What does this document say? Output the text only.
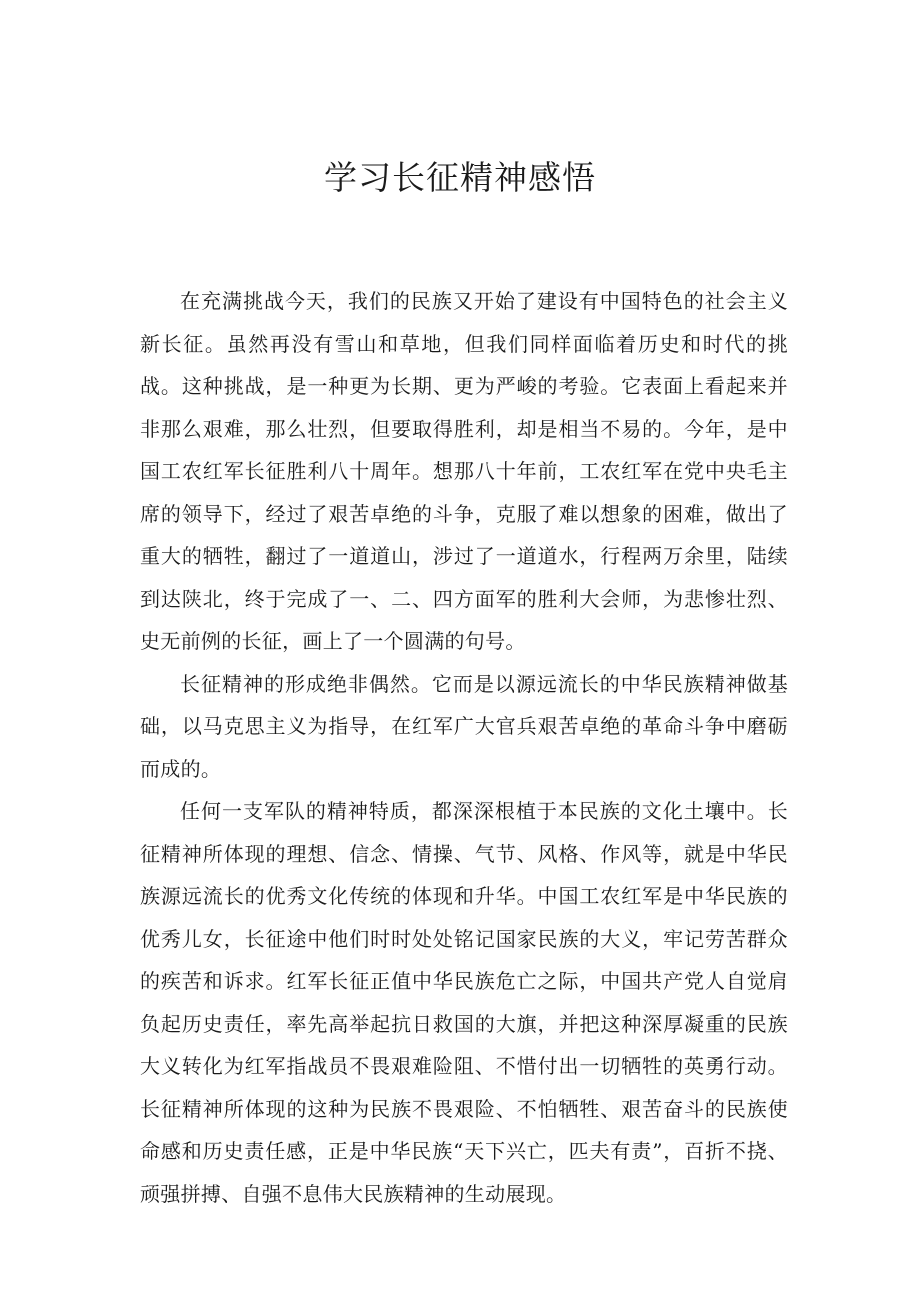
学习长征精神感悟

在充满挑战今天，我们的民族又开始了建设有中国特色的社会主义新长征。虽然再没有雪山和草地，但我们同样面临着历史和时代的挑战。这种挑战，是一种更为长期、更为严峻的考验。它表面上看起来并非那么艰难，那么壮烈，但要取得胜利，却是相当不易的。今年，是中国工农红军长征胜利八十周年。想那八十年前，工农红军在党中央毛主席的领导下，经过了艰苦卓绝的斗争，克服了难以想象的困难，做出了重大的牺牲，翻过了一道道山，涉过了一道道水，行程两万余里，陆续到达陕北，终于完成了一、二、四方面军的胜利大会师，为悲惨壮烈、史无前例的长征，画上了一个圆满的句号。

长征精神的形成绝非偶然。它而是以源远流长的中华民族精神做基础，以马克思主义为指导，在红军广大官兵艰苦卓绝的革命斗争中磨砺而成的。

任何一支军队的精神特质，都深深根植于本民族的文化土壤中。长征精神所体现的理想、信念、情操、气节、风格、作风等，就是中华民族源远流长的优秀文化传统的体现和升华。中国工农红军是中华民族的优秀儿女，长征途中他们时时处处铭记国家民族的大义，牢记劳苦群众的疾苦和诉求。红军长征正值中华民族危亡之际，中国共产党人自觉肩负起历史责任，率先高举起抗日救国的大旗，并把这种深厚凝重的民族大义转化为红军指战员不畏艰难险阻、不惜付出一切牺牲的英勇行动。长征精神所体现的这种为民族不畏艰险、不怕牺牲、艰苦奋斗的民族使命感和历史责任感，正是中华民族“天下兴亡，匹夫有责”，百折不挠、顽强拼搏、自强不息伟大民族精神的生动展现。
